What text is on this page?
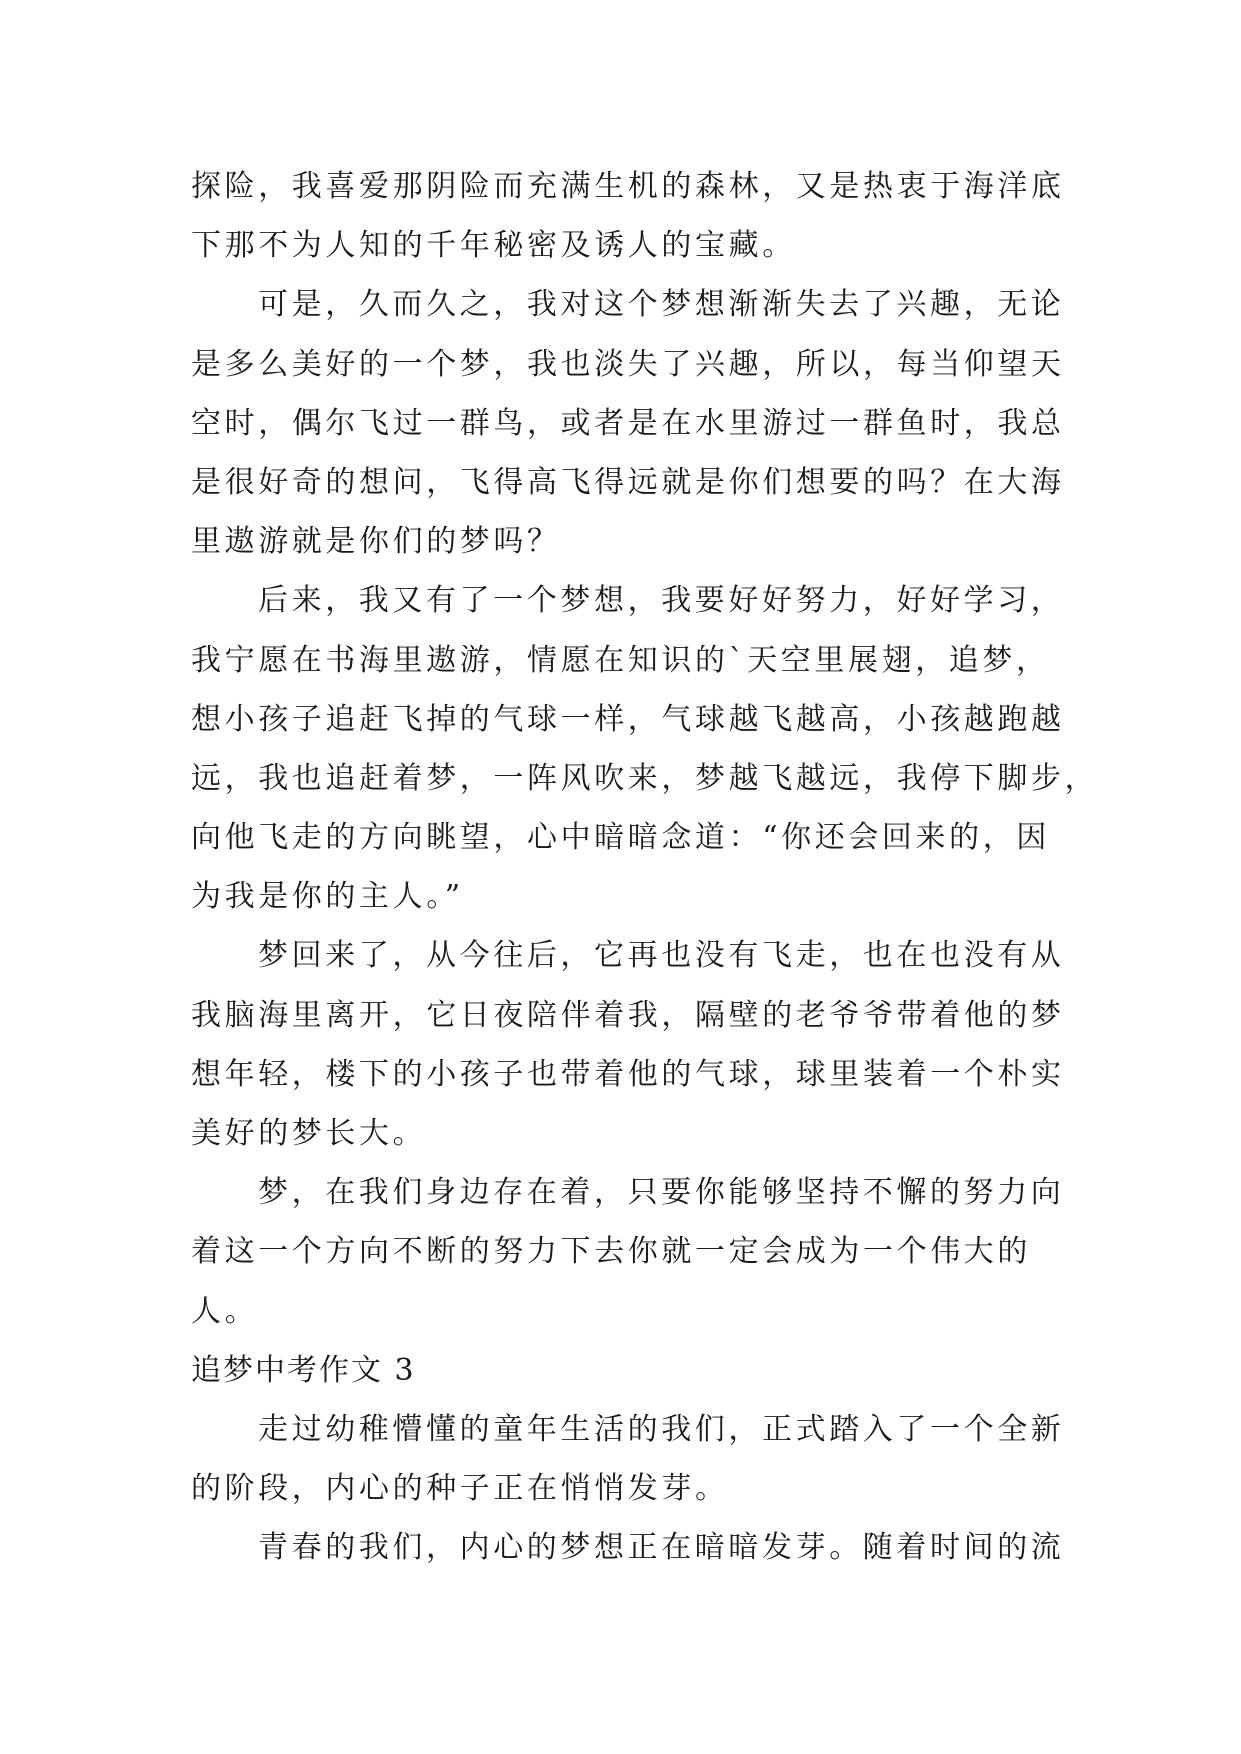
探险，我喜爱那阴险而充满生机的森林，又是热衷于海洋底
下那不为人知的千年秘密及诱人的宝藏。
可是，久而久之，我对这个梦想渐渐失去了兴趣，无论
是多么美好的一个梦，我也淡失了兴趣，所以，每当仰望天
空时，偶尔飞过一群鸟，或者是在水里游过一群鱼时，我总
是很好奇的想问，飞得高飞得远就是你们想要的吗？在大海
里遨游就是你们的梦吗？
后来，我又有了一个梦想，我要好好努力，好好学习，
我宁愿在书海里遨游，情愿在知识的`天空里展翅，追梦，
想小孩子追赶飞掉的气球一样，气球越飞越高，小孩越跑越
远，我也追赶着梦，一阵风吹来，梦越飞越远，我停下脚步，
向他飞走的方向眺望，心中暗暗念道：“你还会回来的，因
为我是你的主人。”
梦回来了，从今往后，它再也没有飞走，也在也没有从
我脑海里离开，它日夜陪伴着我，隔壁的老爷爷带着他的梦
想年轻，楼下的小孩子也带着他的气球，球里装着一个朴实
美好的梦长大。
梦，在我们身边存在着，只要你能够坚持不懈的努力向
着这一个方向不断的努力下去你就一定会成为一个伟大的
人。
追梦中考作文 3
走过幼稚懵懂的童年生活的我们，正式踏入了一个全新
的阶段，内心的种子正在悄悄发芽。
青春的我们，内心的梦想正在暗暗发芽。随着时间的流
